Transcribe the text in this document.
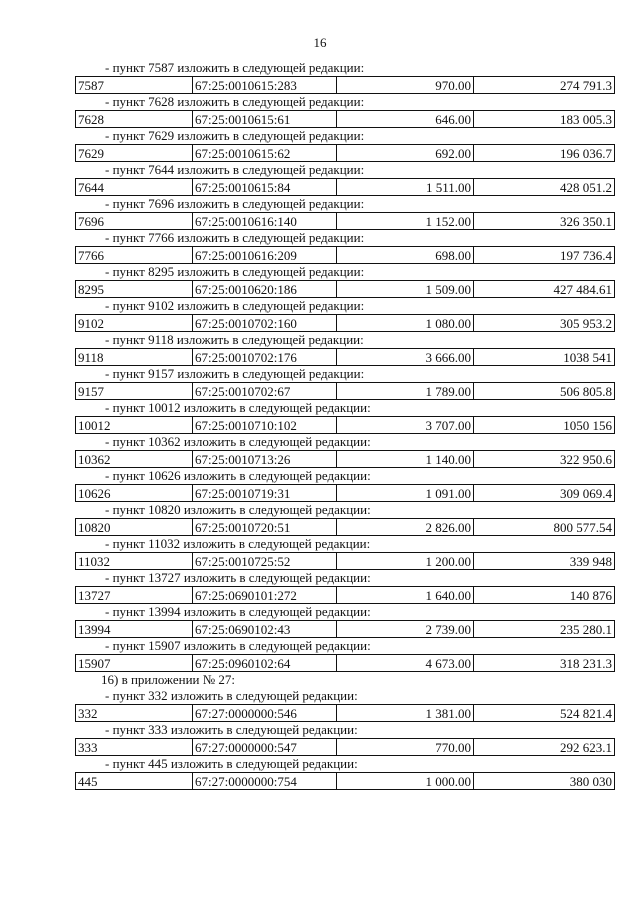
16
- пункт 7587 изложить в следующей редакции:
7587	67:25:0010615:283	970.00	274 791.3
- пункт 7628 изложить в следующей редакции:
7628	67:25:0010615:61	646.00	183 005.3
- пункт 7629 изложить в следующей редакции:
7629	67:25:0010615:62	692.00	196 036.7
- пункт 7644 изложить в следующей редакции:
7644	67:25:0010615:84	1 511.00	428 051.2
- пункт 7696 изложить в следующей редакции:
7696	67:25:0010616:140	1 152.00	326 350.1
- пункт 7766 изложить в следующей редакции:
7766	67:25:0010616:209	698.00	197 736.4
- пункт 8295 изложить в следующей редакции:
8295	67:25:0010620:186	1 509.00	427 484.61
- пункт 9102 изложить в следующей редакции:
9102	67:25:0010702:160	1 080.00	305 953.2
- пункт 9118 изложить в следующей редакции:
9118	67:25:0010702:176	3 666.00	1038 541
- пункт 9157 изложить в следующей редакции:
9157	67:25:0010702:67	1 789.00	506 805.8
- пункт 10012 изложить в следующей редакции:
10012	67:25:0010710:102	3 707.00	1050 156
- пункт 10362 изложить в следующей редакции:
10362	67:25:0010713:26	1 140.00	322 950.6
- пункт 10626 изложить в следующей редакции:
10626	67:25:0010719:31	1 091.00	309 069.4
- пункт 10820 изложить в следующей редакции:
10820	67:25:0010720:51	2 826.00	800 577.54
- пункт 11032 изложить в следующей редакции:
11032	67:25:0010725:52	1 200.00	339 948
- пункт 13727 изложить в следующей редакции:
13727	67:25:0690101:272	1 640.00	140 876
- пункт 13994 изложить в следующей редакции:
13994	67:25:0690102:43	2 739.00	235 280.1
- пункт 15907 изложить в следующей редакции:
15907	67:25:0960102:64	4 673.00	318 231.3
16) в приложении № 27:
- пункт 332 изложить в следующей редакции:
332	67:27:0000000:546	1 381.00	524 821.4
- пункт 333 изложить в следующей редакции:
333	67:27:0000000:547	770.00	292 623.1
- пункт 445 изложить в следующей редакции:
445	67:27:0000000:754	1 000.00	380 030
